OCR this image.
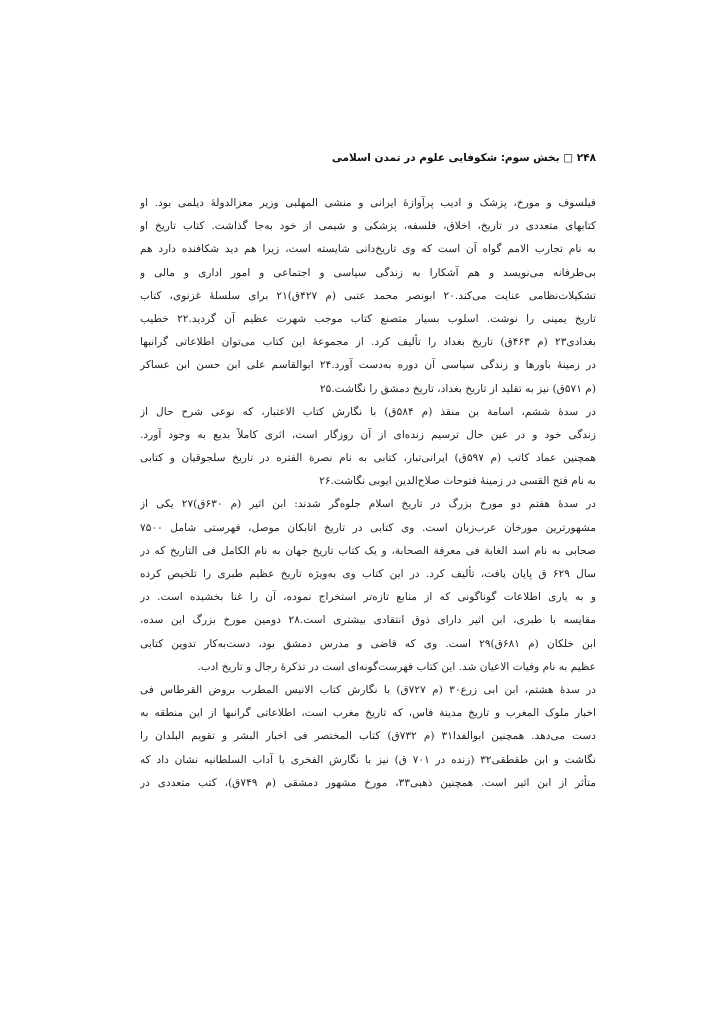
۲۴۸ □ بخش سوم: شکوفایی علوم در تمدن اسلامی
فیلسوف و مورخ، پزشک و ادیب پرآوازهٔ ایرانی و منشی المهلبی وزیر معزالدولهٔ دیلمی بود. او
کتابهای متعددی در تاریخ، اخلاق، فلسفه، پزشکی و شیمی از خود به‌جا گذاشت. کتاب تاریخ او
به نام تجارب الامم گواه آن است که وی تاریخ‌دانی شایسته است، زیرا هم دید شکافنده دارد هم
بی‌طرفانه می‌نویسد و هم آشکارا به زندگی سیاسی و اجتماعی و امور اداری و مالی و
تشکیلات‌نظامی عنایت می‌کند.۲۰ ابونصر محمد عتبی (م ۴۲۷ق)۲۱ برای سلسلهٔ غزنوی، کتاب
تاریخ یمینی را نوشت. اسلوب بسیار متصنع کتاب موجب شهرت عظیم آن گردید.۲۲ خطیب
بغدادی۲۳ (م ۴۶۳ق) تاریخ بغداد را تألیف کرد. از مجموعهٔ این کتاب می‌توان اطلاعاتی گرانبها
در زمینهٔ باورها و زندگی سیاسی آن دوره به‌دست آورد.۲۴ ابوالقاسم علی ابن حسن ابن عساکر
(م ۵۷۱ق) نیز به تقلید از تاریخ بغداد، تاریخ دمشق را نگاشت.۲۵
در سدهٔ ششم، اسامة بن منقذ (م ۵۸۴ق) با نگارش کتاب الاعتبار، که نوعی شرح حال از
زندگی خود و در عین حال ترسیم زنده‌ای از آن روزگار است، اثری کاملاً بدیع به وجود آورد.
همچنین عماد کاتب (م ۵۹۷ق) ایرانی‌تبار، کتابی به نام نصرة الفتره در تاریخ سلجوقیان و کتابی
به نام فتح القسی در زمینهٔ فتوحات صلاح‌الدین ایوبی نگاشت.۲۶
در سدهٔ هفتم دو مورخ بزرگ در تاریخ اسلام جلوه‌گر شدند: ابن اثیر (م ۶۳۰ق)۲۷ یکی از
مشهورترین مورخان عرب‌زبان است. وی کتابی در تاریخ اتابکان موصل، فهرستی شامل ۷۵۰۰
صحابی به نام اسد الغابة فی معرفة الصحابة، و یک کتاب تاریخ جهان به نام الکامل فی التاریخ که در
سال ۶۲۹ ق پایان یافت، تألیف کرد. در این کتاب وی به‌ویژه تاریخ عظیم طبری را تلخیص کرده
و به یاری اطلاعات گوناگونی که از منابع تازه‌تر استخراج نموده، آن را غنا بخشیده است. در
مقایسه با طبری، ابن اثیر دارای ذوق انتقادی بیشتری است.۲۸ دومین مورخ بزرگ این سده،
ابن خلکان (م ۶۸۱ق)۲۹ است. وی که قاضی و مدرس دمشق بود، دست‌به‌کار تدوین کتابی
عظیم به نام وفیات الاعیان شد. این کتاب فهرست‌گونه‌ای است در تذکرهٔ رجال و تاریخ ادب.
در سدهٔ هشتم، ابن ابی زرع۳۰ (م ۷۲۷ق) با نگارش کتاب الانیس المطرب بروض القرطاس فی
اخبار ملوک المغرب و تاریخ مدینة فاس، که تاریخ مغرب است، اطلاعاتی گرانبها از این منطقه به
دست می‌دهد. همچنین ابوالفدا۳۱ (م ۷۳۲ق) کتاب المختصر فی اخبار البشر و تقویم البلدان را
نگاشت و ابن طقطقی۳۲ (زنده در ۷۰۱ ق) نیز با نگارش الفخری یا آداب السلطانیه نشان داد که
متأثر از ابن اثیر است. همچنین ذهبی۳۳، مورخ مشهور دمشقی (م ۷۴۹ق)، کتب متعددی در
